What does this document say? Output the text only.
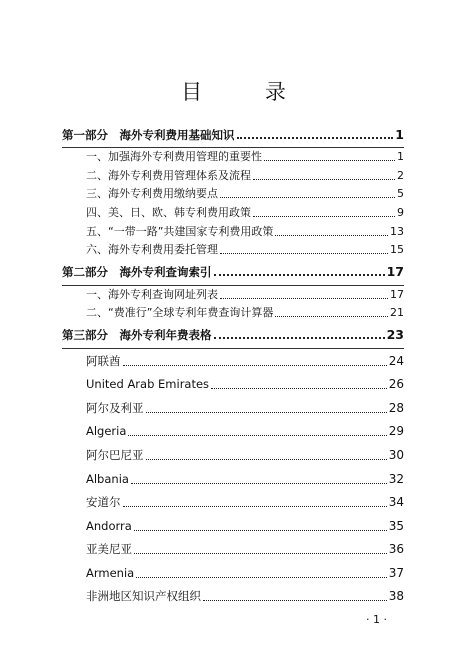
目 录
第一部分　海外专利费用基础知识	1
一、加强海外专利费用管理的重要性	1
二、海外专利费用管理体系及流程	2
三、海外专利费用缴纳要点	5
四、美、日、欧、韩专利费用政策	9
五、“一带一路”共建国家专利费用政策	13
六、海外专利费用委托管理	15
第二部分　海外专利查询索引	17
一、海外专利查询网址列表	17
二、“费准行”全球专利年费查询计算器	21
第三部分　海外专利年费表格	23
阿联酋	24
United Arab Emirates	26
阿尔及利亚	28
Algeria	29
阿尔巴尼亚	30
Albania	32
安道尔	34
Andorra	35
亚美尼亚	36
Armenia	37
非洲地区知识产权组织	38
· 1 ·
